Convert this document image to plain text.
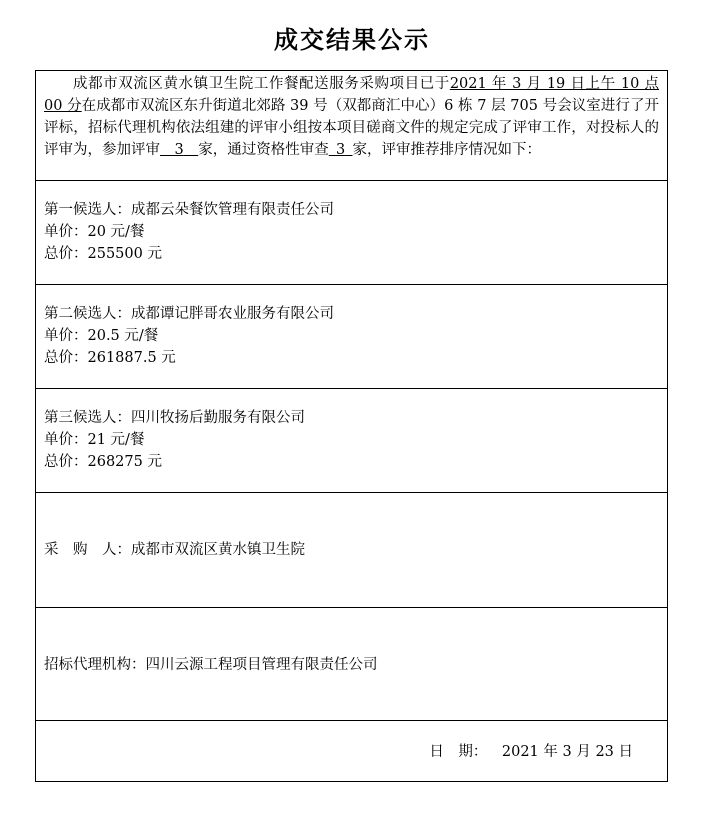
成交结果公示
成都市双流区黄水镇卫生院工作餐配送服务采购项目已于2021 年 3 月 19 日上午 10 点 00 分在成都市双流区东升街道北郊路 39 号（双都商汇中心）6 栋 7 层 705 号会议室进行了开评标，招标代理机构依法组建的评审小组按本项目磋商文件的规定完成了评审工作，对投标人的评审为，参加评审   3   家，通过资格性审查  3  家，评审推荐排序情况如下：
第一候选人：成都云朵餐饮管理有限责任公司
单价：20 元/餐
总价：255500 元
第二候选人：成都谭记胖哥农业服务有限公司
单价：20.5 元/餐
总价：261887.5 元
第三候选人：四川牧扬后勤服务有限公司
单价：21 元/餐
总价：268275 元
采　购　人：成都市双流区黄水镇卫生院
招标代理机构：四川云源工程项目管理有限责任公司
日　期：  2021 年 3 月 23 日
